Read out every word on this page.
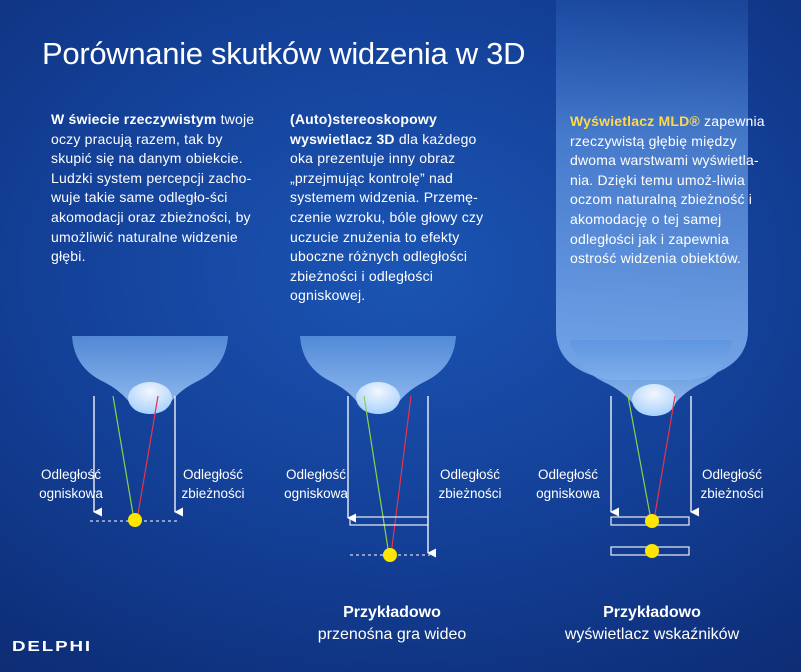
Porównanie skutków widzenia w 3D
W świecie rzeczywistym twoje oczy pracują razem, tak by skupić się na danym obiekcie. Ludzki system percepcji zacho-wuje takie same odległo-ści akomodacji oraz zbieżności, by umożliwić naturalne widzenie głębi.
(Auto)stereoskopowy wyswietlacz 3D dla każdego oka prezentuje inny obraz „przejmując kontrolę” nad systemem widzenia. Przemę-czenie wzroku, bóle głowy czy uczucie znużenia to efekty uboczne różnych odległości zbieżności i odległości ogniskowej.
Wyświetlacz MLD® zapewnia rzeczywistą głębię między dwoma warstwami wyświetla-nia. Dzięki temu umoż-liwia oczom naturalną zbieżność i akomodację o tej samej odległości jak i zapewnia ostrość widzenia obiektów.
Odległość
ogniskowa
Odległość
zbieżności
Odległość
ogniskowa
Odległość
zbieżności
Odległość
ogniskowa
Odległość
zbieżności
Przykładowo
przenośna gra wideo
Przykładowo
wyświetlacz wskaźników
DELPHI
